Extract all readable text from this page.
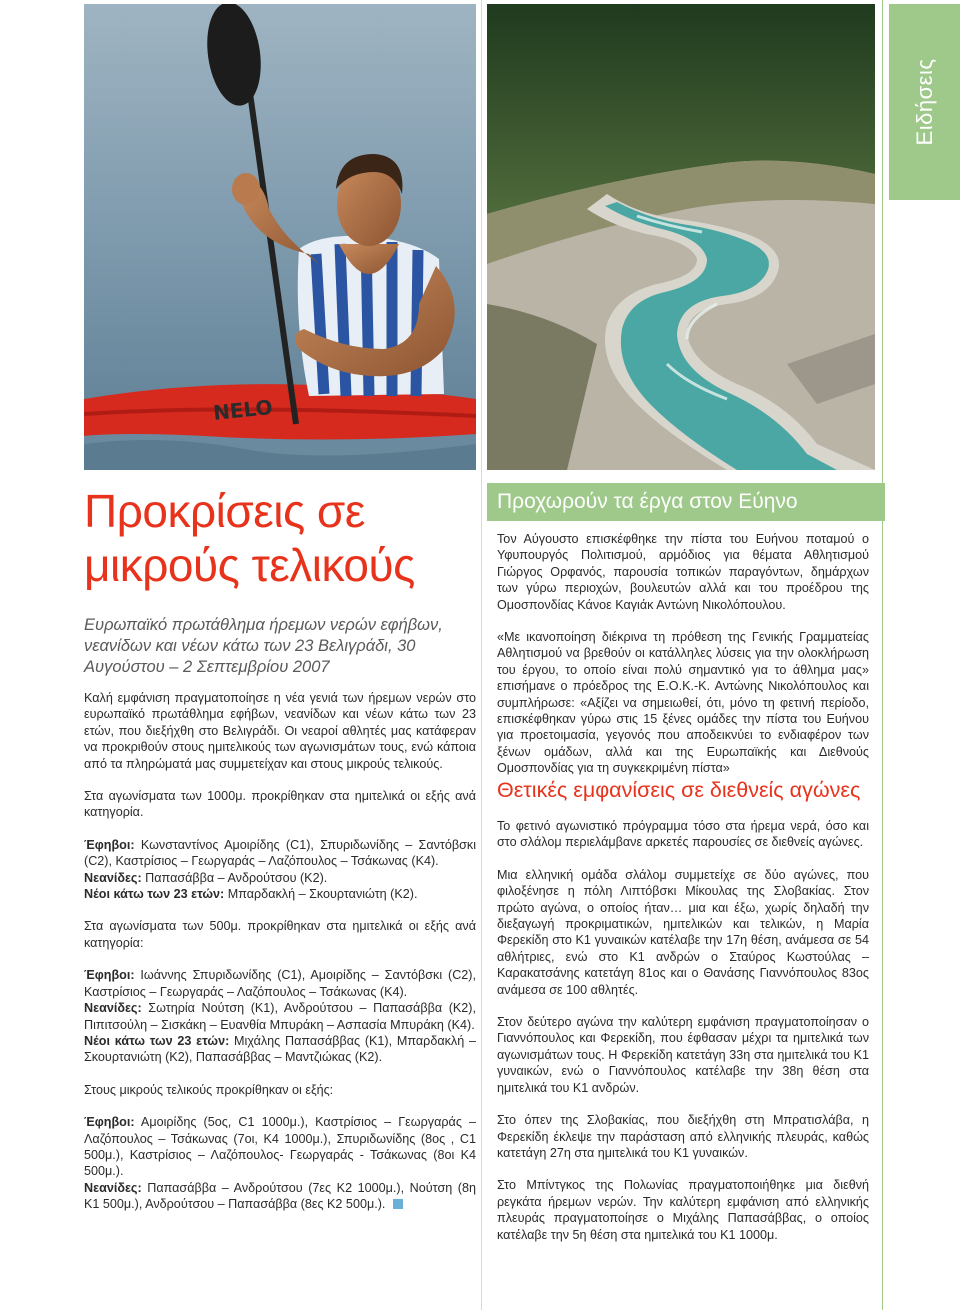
NELO
Ειδήσεις
Προκρίσεις σε μικρούς τελικούς

Ευρωπαϊκό πρωτάθλημα ήρεμων νερών εφήβων, νεανίδων και νέων κάτω των 23 Βελιγράδι, 30 Αυγούστου – 2 Σεπτεμβρίου 2007

Καλή εμφάνιση πραγματοποίησε η νέα γενιά των ήρεμων νερών στο ευρωπαϊκό πρωτάθλημα εφήβων, νεανίδων και νέων κάτω των 23 ετών, που διεξήχθη στο Βελιγράδι. Οι νεαροί αθλητές μας κατάφεραν να προκριθούν στους ημιτελικούς των αγωνισμάτων τους, ενώ κάποια από τα πληρώματά μας συμμετείχαν και στους μικρούς τελικούς.

Στα αγωνίσματα των 1000μ. προκρίθηκαν στα ημιτελικά οι εξής ανά κατηγορία.

Έφηβοι: Κωνσταντίνος Αμοιρίδης (C1), Σπυριδωνίδης – Σαντόβσκι (C2), Καστρίσιος – Γεωργαράς – Λαζόπουλος – Τσάκωνας (K4).
Νεανίδες: Παπασάββα – Ανδρούτσου (K2).
Νέοι κάτω των 23 ετών: Μπαρδακλή – Σκουρτανιώτη (K2).

Στα αγωνίσματα των 500μ. προκρίθηκαν στα ημιτελικά οι εξής ανά κατηγορία:

Έφηβοι: Ιωάννης Σπυριδωνίδης (C1), Αμοιρίδης – Σαντόβσκι (C2), Καστρίσιος – Γεωργαράς – Λαζόπουλος – Τσάκωνας (K4).
Νεανίδες: Σωτηρία Νούτση (K1), Ανδρούτσου – Παπασάββα (K2), Πιπιτσούλη – Σισκάκη – Ευανθία Μπυράκη – Ασπασία Μπυράκη (K4).
Νέοι κάτω των 23 ετών: Μιχάλης Παπασάββας (K1), Μπαρδακλή – Σκουρτανιώτη (K2), Παπασάββας – Μαντζιώκας (K2).

Στους μικρούς τελικούς προκρίθηκαν οι εξής:

Έφηβοι: Αμοιρίδης (5ος, C1 1000μ.), Καστρίσιος – Γεωργαράς – Λαζόπουλος – Τσάκωνας (7οι, K4 1000μ.), Σπυριδωνίδης (8ος , C1 500μ.), Καστρίσιος – Λαζόπουλος- Γεωργαράς - Τσάκωνας (8οι K4 500μ.).
Νεανίδες: Παπασάββα – Ανδρούτσου (7ες K2 1000μ.), Νούτση (8η K1 500μ.), Ανδρούτσου – Παπασάββα (8ες K2 500μ.).

Προχωρούν τα έργα στον Εύηνο

Τον Αύγουστο επισκέφθηκε την πίστα του Ευήνου ποταμού ο Υφυπουργός Πολιτισμού, αρμόδιος για θέματα Αθλητισμού Γιώργος Ορφανός, παρουσία τοπικών παραγόντων, δημάρχων των γύρω περιοχών, βουλευτών αλλά και του προέδρου της Ομοσπονδίας Κάνοε Καγιάκ Αντώνη Νικολόπουλου.

«Με ικανοποίηση διέκρινα τη πρόθεση της Γενικής Γραμματείας Αθλητισμού να βρεθούν οι κατάλληλες λύσεις για την ολοκλήρωση του έργου, το οποίο είναι πολύ σημαντικό για το άθλημα μας» επισήμανε ο πρόεδρος της Ε.Ο.Κ.-Κ. Αντώνης Νικολόπουλος και συμπλήρωσε: «Αξίζει να σημειωθεί, ότι, μόνο τη φετινή περίοδο, επισκέφθηκαν γύρω στις 15 ξένες ομάδες την πίστα του Ευήνου για προετοιμασία, γεγονός που αποδεικνύει το ενδιαφέρον των ξένων ομάδων, αλλά και της Ευρωπαϊκής και Διεθνούς Ομοσπονδίας για τη συγκεκριμένη πίστα»

Θετικές εμφανίσεις σε διεθνείς αγώνες

Το φετινό αγωνιστικό πρόγραμμα τόσο στα ήρεμα νερά, όσο και στο σλάλομ περιελάμβανε αρκετές παρουσίες σε διεθνείς αγώνες.

Μια ελληνική ομάδα σλάλομ συμμετείχε σε δύο αγώνες, που φιλοξένησε η πόλη Λιπτόβσκι Μίκουλας της Σλοβακίας. Στον πρώτο αγώνα, ο οποίος ήταν… μια και έξω, χωρίς δηλαδή την διεξαγωγή προκριματικών, ημιτελικών και τελικών, η Μαρία Φερεκίδη στο K1 γυναικών κατέλαβε την 17η θέση, ανάμεσα σε 54 αθλήτριες, ενώ στο K1 ανδρών ο Σταύρος Κωστούλας – Καρακατσάνης κατετάγη 81ος και ο Θανάσης Γιαννόπουλος 83ος ανάμεσα σε 100 αθλητές.

Στον δεύτερο αγώνα την καλύτερη εμφάνιση πραγματοποίησαν ο Γιαννόπουλος και Φερεκίδη, που έφθασαν μέχρι τα ημιτελικά των αγωνισμάτων τους. Η Φερεκίδη κατετάγη 33η στα ημιτελικά του K1 γυναικών, ενώ ο Γιαννόπουλος κατέλαβε την 38η θέση στα ημιτελικά του K1 ανδρών.

Στο όπεν της Σλοβακίας, που διεξήχθη στη Μπρατισλάβα, η Φερεκίδη έκλεψε την παράσταση από ελληνικής πλευράς, καθώς κατετάγη 27η στα ημιτελικά του K1 γυναικών.

Στο Μπίντγκος της Πολωνίας πραγματοποιήθηκε μια διεθνή ρεγκάτα ήρεμων νερών. Την καλύτερη εμφάνιση από ελληνικής πλευράς πραγματοποίησε ο Μιχάλης Παπασάββας, ο οποίος κατέλαβε την 5η θέση στα ημιτελικά του K1 1000μ.
